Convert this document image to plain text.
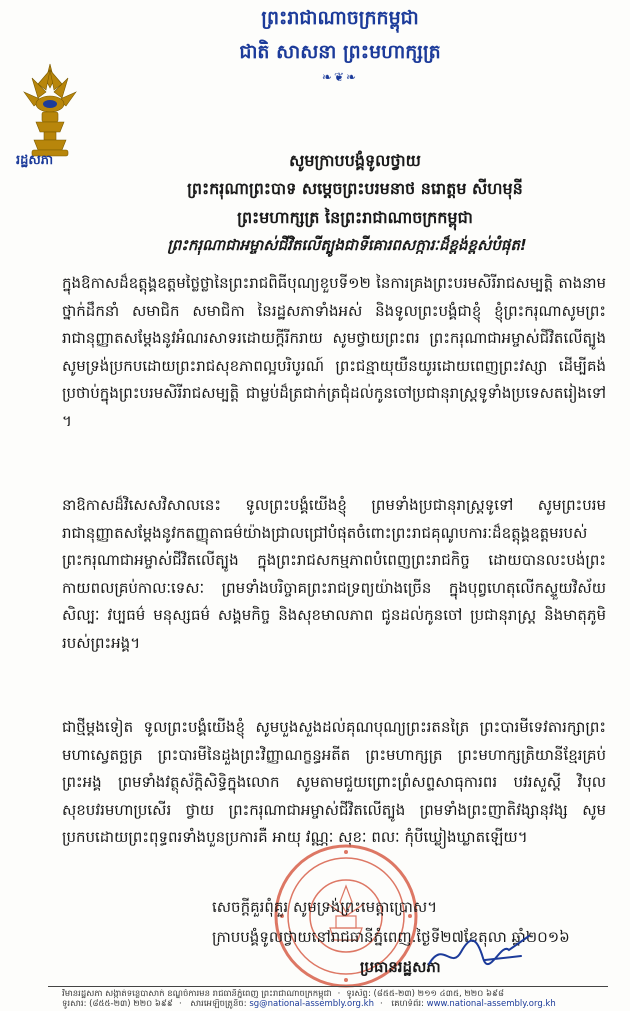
ព្រះរាជាណាចក្រកម្ពុជា
ជាតិ សាសនា ព្រះមហាក្សត្រ
❧❦❧
រដ្ឋសភា	សូមក្រាបបង្គំទូលថ្វាយ
ព្រះករុណាព្រះបាទ សម្ដេចព្រះបរមនាថ នរោត្តម សីហមុនី
ព្រះមហាក្សត្រ នៃព្រះរាជាណាចក្រកម្ពុជា
ព្រះករុណាជាអម្ចាស់ជីវិតលើត្បូងជាទីគោរពសក្ការៈដ៏ខ្ពង់ខ្ពស់បំផុត!
ក្នុងឱកាសដ៏ឧត្ដុង្គឧត្ដមថ្លៃថ្លានៃព្រះរាជពិធីបុណ្យខួបទី១២ នៃការគ្រងព្រះបរមសិរីរាជសម្បត្តិ តាងនាមថ្នាក់ដឹកនាំ សមាជិក សមាជិកា នៃរដ្ឋសភាទាំងអស់ និងទូលព្រះបង្គំជាខ្ញុំ ខ្ញុំព្រះករុណាសូមព្រះរាជានុញ្ញាតសម្ដែងនូវអំណរសាទរដោយក្ដីរីករាយ សូមថ្វាយព្រះពរ ព្រះករុណាជាអម្ចាស់ជីវិតលើត្បូង សូមទ្រង់ប្រកបដោយព្រះរាជសុខភាពល្អបរិបូរណ៍ ព្រះជន្មាយុយឺនយូរដោយពេញព្រះវស្សា ដើម្បីគង់ប្រថាប់ក្នុងព្រះបរមសិរីរាជសម្បត្តិ ជាម្លប់ដ៏ត្រជាក់ត្រជុំដល់កូនចៅប្រជានុរាស្ត្រទូទាំងប្រទេសតរៀងទៅ ។
នាឱកាសដ៏វិសេសវិសាលនេះ ទូលព្រះបង្គំយើងខ្ញុំ ព្រមទាំងប្រជានុរាស្ត្រទូទៅ សូមព្រះបរមរាជានុញ្ញាតសម្ដែងនូវកតញ្ញុតាធម៌យ៉ាងជ្រាលជ្រៅបំផុតចំពោះព្រះរាជគុណូបការៈដ៏ឧត្ដុង្គឧត្ដមរបស់ ព្រះករុណាជាអម្ចាស់ជីវិតលើត្បូង ក្នុងព្រះរាជសកម្មភាពបំពេញព្រះរាជកិច្ច ដោយបានលះបង់ព្រះកាយពលគ្រប់កាលៈទេសៈ ព្រមទាំងបរិច្ចាគព្រះរាជទ្រព្យយ៉ាងច្រើន ក្នុងបុព្វហេតុលើកស្ទួយវិស័យសិល្បៈ វប្បធម៌ មនុស្សធម៌ សង្គមកិច្ច និងសុខមាលភាព ជូនដល់កូនចៅ ប្រជានុរាស្ត្រ និងមាតុភូមិរបស់ព្រះអង្គ។
ជាថ្មីម្ដងទៀត ទូលព្រះបង្គំយើងខ្ញុំ សូមបួងសួងដល់គុណបុណ្យព្រះរតនត្រៃ ព្រះបារមីទេវតារក្សាព្រះមហាស្វេតច្ឆត្រ ព្រះបារមីនៃដួងព្រះវិញ្ញាណក្ខន្ធអតីត ព្រះមហាក្សត្រ ព្រះមហាក្សត្រិយានីខ្មែរគ្រប់ព្រះអង្គ ព្រមទាំងវត្ថុស័ក្ដិសិទ្ធិក្នុងលោក សូមតាមជួយព្រោះព្រំសព្ទសាធុការពរ បវរសួស្ដី វិបុលសុខបវរមហាប្រសើរ ថ្វាយ ព្រះករុណាជាអម្ចាស់ជីវិតលើត្បូង ព្រមទាំងព្រះញាតិវង្សានុវង្ស សូមប្រកបដោយព្រះពុទ្ធពរទាំងបួនប្រការគឺ អាយុ វណ្ណៈ សុខៈ ពលៈ កុំបីឃ្លៀងឃ្លាតឡើយ។
សេចក្ដីគួរពុំគួរ សូមទ្រង់ព្រះមេត្តាប្រោស។
ក្រាបបង្គំទូលថ្វាយនៅរាជធានីភ្នំពេញ.ថ្ងៃទី២៧ខែតុលា ឆ្នាំ២០១៦
ប្រធានរដ្ឋសភា
វិមានរដ្ឋសភា សង្កាត់ទន្លេបាសាក់ ខណ្ឌចំការមន រាជធានីភ្នំពេញ ព្រះរាជាណាចក្រកម្ពុជា · ទូរស័ព្ទ: (៨៥៥-២៣) ២១១ ៤៣៥, ២២០ ៦៩៨
ទូរសារ: (៨៥៥-២៣) ២២០ ៦៩៩ · សារអេឡិចត្រូនិច: sg@national-assembly.org.kh · គេហទំព័រ: www.national-assembly.org.kh
